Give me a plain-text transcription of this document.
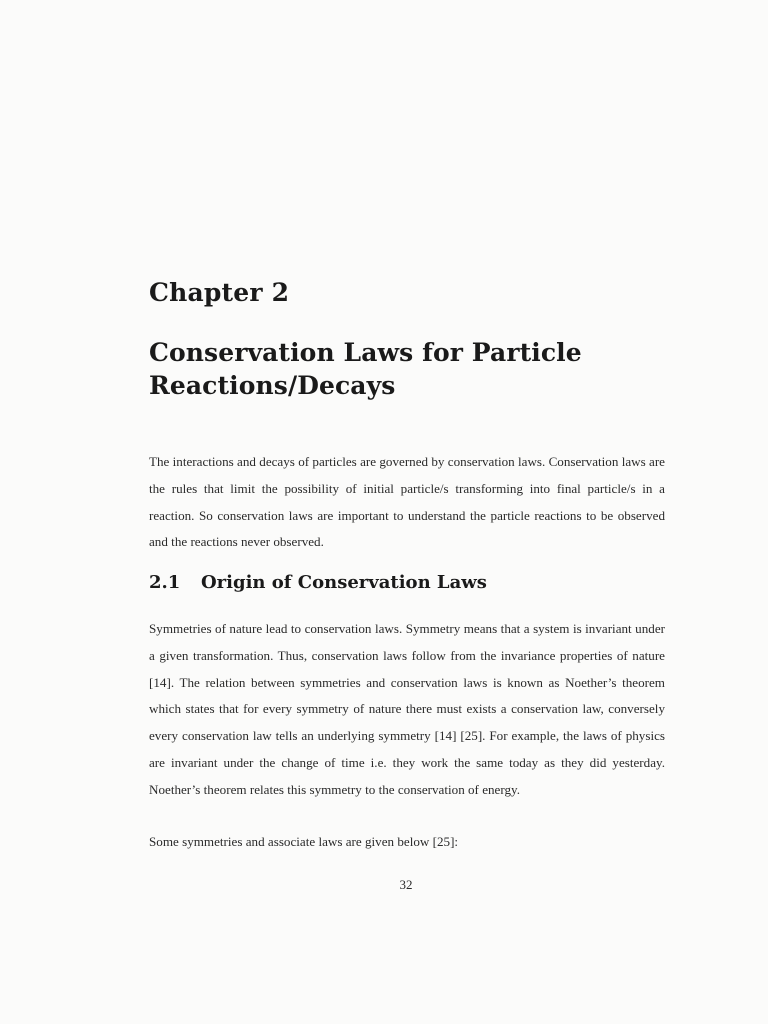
Chapter 2
Conservation Laws for Particle Reactions/Decays

The interactions and decays of particles are governed by conservation laws. Conservation laws are the rules that limit the possibility of initial particle/s transforming into final particle/s in a reaction. So conservation laws are important to understand the particle reactions to be observed and the reactions never observed.

2.1 Origin of Conservation Laws

Symmetries of nature lead to conservation laws. Symmetry means that a system is invariant under a given transformation. Thus, conservation laws follow from the invariance properties of nature [14]. The relation between symmetries and conservation laws is known as Noether’s theorem which states that for every symmetry of nature there must exists a conservation law, conversely every conservation law tells an underlying symmetry [14] [25]. For example, the laws of physics are invariant under the change of time i.e. they work the same today as they did yesterday. Noether’s theorem relates this symmetry to the conservation of energy.

Some symmetries and associate laws are given below [25]:

32
